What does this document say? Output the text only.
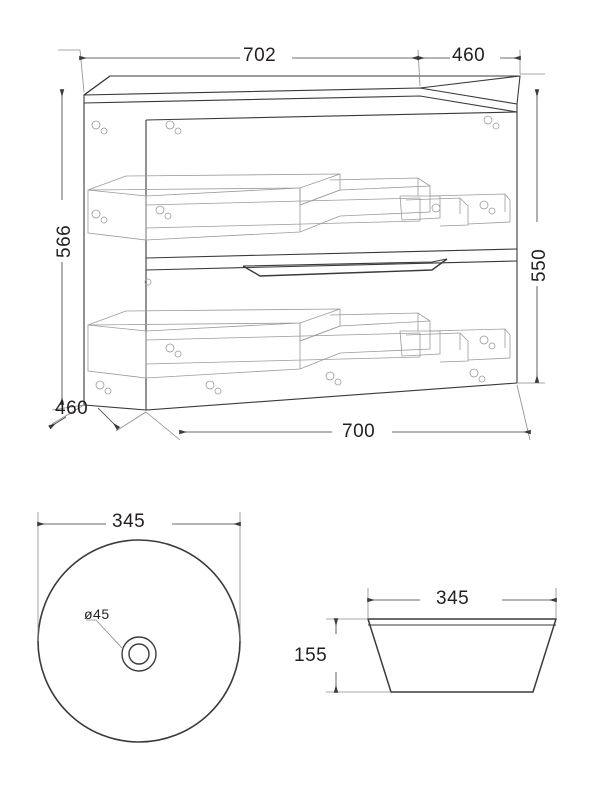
702	460
566
550
460
700
345
ø45
345
155
